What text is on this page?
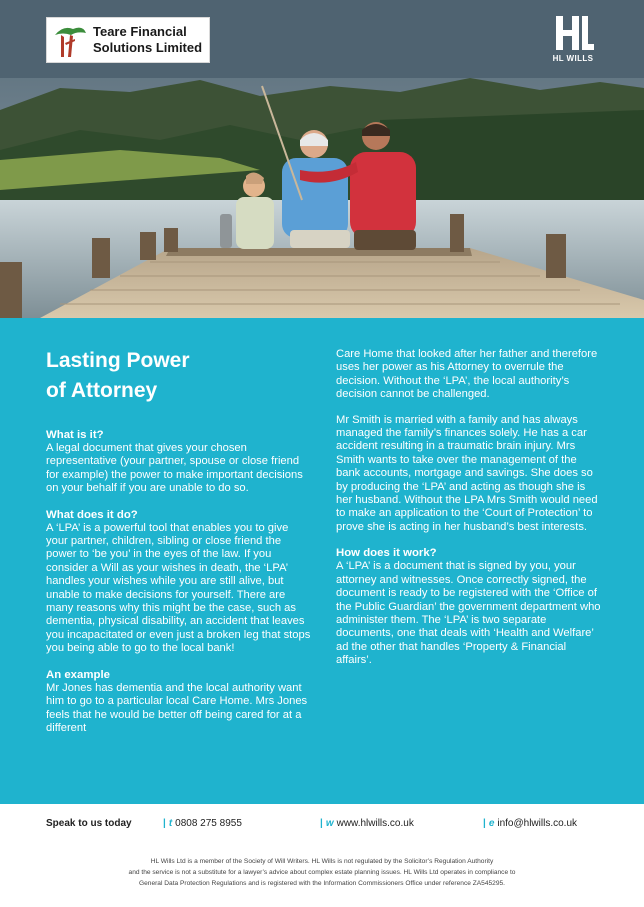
Teare Financial
Solutions Limited
HL WILLS
Lasting Power
of Attorney
What is it?
A legal document that gives your chosen representative (your partner, spouse or close friend for example) the power to make important decisions on your behalf if you are unable to do so.
What does it do?
A ‘LPA’ is a powerful tool that enables you to give your partner, children, sibling or close friend the power to ‘be you’ in the eyes of the law. If you consider a Will as your wishes in death, the ‘LPA’ handles your wishes while you are still alive, but unable to make decisions for yourself. There are many reasons why this might be the case, such as dementia, physical disability, an accident that leaves you incapacitated or even just a broken leg that stops you being able to go to the local bank!
An example
Mr Jones has dementia and the local authority want him to go to a particular local Care Home. Mrs Jones feels that he would be better off being cared for at a different
Care Home that looked after her father and therefore uses her power as his Attorney to overrule the decision. Without the ‘LPA’, the local authority’s decision cannot be challenged.
Mr Smith is married with a family and has always managed the family’s finances solely. He has a car accident resulting in a traumatic brain injury. Mrs Smith wants to take over the management of the bank accounts, mortgage and savings. She does so by producing the ‘LPA’ and acting as though she is her husband. Without the LPA Mrs Smith would need to make an application to the ‘Court of Protection’ to prove she is acting in her husband’s best interests.
How does it work?
A ‘LPA’ is a document that is signed by you, your attorney and witnesses. Once correctly signed, the document is ready to be registered with the ‘Office of the Public Guardian’ the government department who administer them. The ‘LPA’ is two separate documents, one that deals with ‘Health and Welfare’ ad the other that handles ‘Property & Financial affairs’.
Speak to us today	| t 0808 275 8955	| w www.hlwills.co.uk	| e info@hlwills.co.uk
HL Wills Ltd is a member of the Society of Will Writers. HL Wills is not regulated by the Solicitor’s Regulation Authority
and the service is not a substitute for a lawyer’s advice about complex estate planning issues. HL Wills Ltd operates in compliance to
General Data Protection Regulations and is registered with the Information Commissioners Office under reference ZA545295.
